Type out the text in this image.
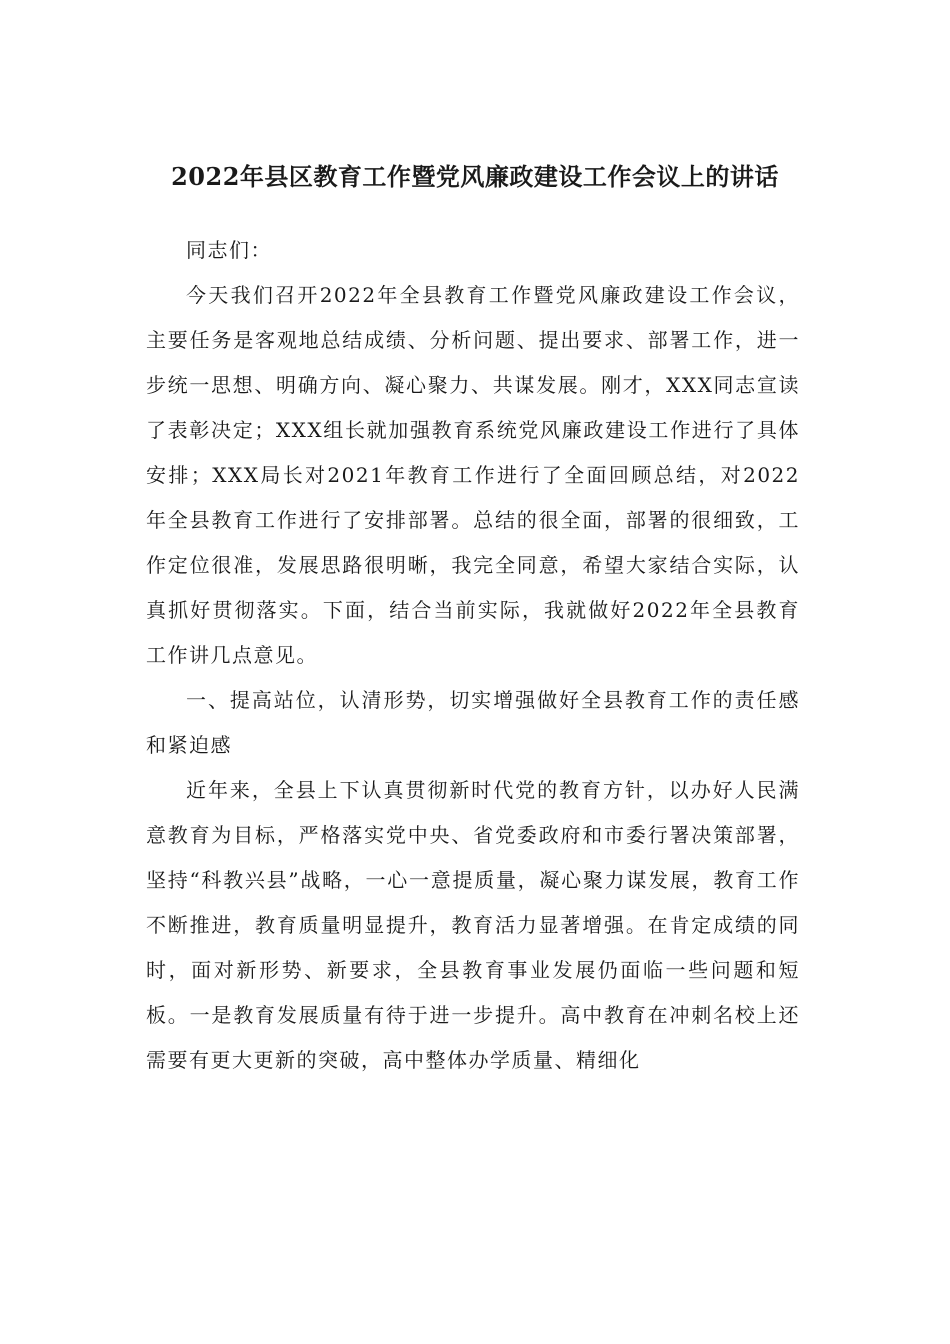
2022年县区教育工作暨党风廉政建设工作会议上的讲话

同志们：

今天我们召开2022年全县教育工作暨党风廉政建设工作会议，主要任务是客观地总结成绩、分析问题、提出要求、部署工作，进一步统一思想、明确方向、凝心聚力、共谋发展。刚才，XXX同志宣读了表彰决定；XXX组长就加强教育系统党风廉政建设工作进行了具体安排；XXX局长对2021年教育工作进行了全面回顾总结，对2022年全县教育工作进行了安排部署。总结的很全面，部署的很细致，工作定位很准，发展思路很明晰，我完全同意，希望大家结合实际，认真抓好贯彻落实。下面，结合当前实际，我就做好2022年全县教育工作讲几点意见。

一、提高站位，认清形势，切实增强做好全县教育工作的责任感和紧迫感

近年来，全县上下认真贯彻新时代党的教育方针，以办好人民满意教育为目标，严格落实党中央、省党委政府和市委行署决策部署，坚持“科教兴县”战略，一心一意提质量，凝心聚力谋发展，教育工作不断推进，教育质量明显提升，教育活力显著增强。在肯定成绩的同时，面对新形势、新要求，全县教育事业发展仍面临一些问题和短板。一是教育发展质量有待于进一步提升。高中教育在冲刺名校上还需要有更大更新的突破，高中整体办学质量、精细化
